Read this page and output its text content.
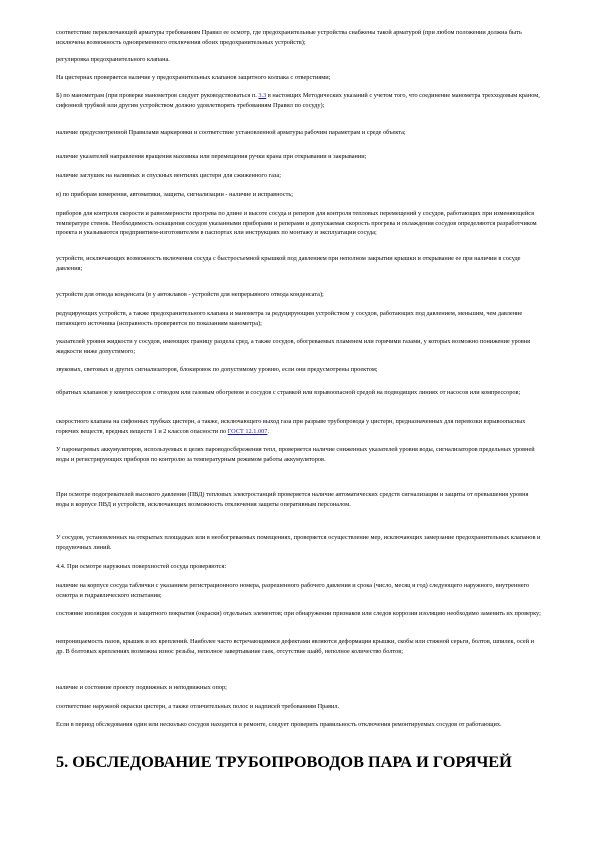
соответствие переключающей арматуры требованиям Правил ее осмотр, где предохранительные устройства снабжены такой арматурой (при любом положении должна быть исключена возможность одновременного отключения обоих предохранительных устройств);

регулировка предохранительного клапана.

На цистернах проверяется наличие у предохранительных клапанов защитного колпака с отверстиями;

Б) по манометрам (при проверке манометров следует руководствоваться п. 3.3 в настоящих Методических указаний с учетом того, что соединение манометра трехходовым краном, сифонной трубкой или другим устройством должно удовлетворять требованиям Правил по сосуду);

наличие предусмотренной Правилами маркировки и соответствие установленной арматуры рабочим параметрам и среде объекта;

наличие указателей направления вращения маховика или перемещения ручки крана при открывании и закрывании;

наличие заглушек на наливных и спускных вентилях цистерн для сжиженного газа;

в) по приборам измерения, автоматики, защиты, сигнализации - наличие и исправность;

приборов для контроля скорости и равномерности прогрева по длине и высоте сосуда и реперов для контроля тепловых перемещений у сосудов, работающих при изменяющейся температуре стенок. Необходимость оснащения сосудов указанными приборами и реперами и допускаемая скорость прогрева и охлаждения сосудов определяются разработчиком проекта и указываются предприятием-изготовителем в паспортах или инструкциях по монтажу и эксплуатации сосуда;

устройств, исключающих возможность включения сосуда с быстросъемной крышкой под давлением при неполном закрытии крышки и открывание ее при наличии в сосуде давления;

устройств для отвода конденсата (в у автоклавов - устройств для непрерывного отвода конденсата);

редуцирующих устройств, а также предохранительного клапана и манометра за редуцирующим устройством у сосудов, работающих под давлением, меньшим, чем давление питающего источника (исправность проверяется по показаниям манометра);

указателей уровня жидкости у сосудов, имеющих границу раздела сред, а также сосудов, обогреваемых пламенем или горячими газами, у которых возможно понижение уровня жидкости ниже допустимого;

звуковых, световых и других сигнализаторов, блокировок по допустимому уровню, если они предусмотрены проектом;

обратных клапанов у компрессоров с отводом или газовым обогревом и сосудов с стравкой или взрывоопасной средой на подводящих линиях от насосов или компрессоров;

скоростного клапана на сифонных трубках цистерн, а также, исключающего выход газа при разрыве трубопровода у цистерн, предназначенных для перевозки взрывоопасных горючих веществ, вредных веществ 1 и 2 классов опасности по ГОСТ 12.1.007.

У паронагревых аккумуляторов, используемых в целях пароводосбережения тепл, проверяется наличие сниженных указателей уровня воды, сигнализаторов предельных уровней воды и регистрирующих приборов по контролю за температурным режимом работы аккумуляторов.

При осмотре подогревателей высокого давления (ПВД) тепловых электростанций проверяется наличие автоматических средств сигнализации и защиты от превышения уровня воды в корпусе ПВД и устройств, исключающих возможность отключения защиты оперативным персоналом.

У сосудов, установленных на открытых площадках или в необогреваемых помещениях, проверяется осуществление мер, исключающих замерзание предохранительных клапанов и продувочных линий.

4.4. При осмотре наружных поверхностей сосуда проверяются:

наличие на корпусе сосуда таблички с указанием регистрационного номера, разрешенного рабочего давления и срока (число, месяц и год) следующего наружного, внутреннего осмотра и гидравлического испытания;

состояние изоляции сосудов и защитного покрытия (окраски) отдельных элементов; при обнаружении признаков или следов коррозии изоляцию необходимо заменить их проверку;

непроницаемость пазов, крышек и их креплений. Наиболее часто встречающимися дефектами являются деформация крышки, скобы или стяжной серьги, болтов, шпилек, осей и др. В болтовых креплениях возможна износ резьбы, неполное завертывание гаек, отсутствие шайб, неполное количество болтов;

наличие и состояние проекту подвижных и неподвижных опор;

соответствие наружной окраски цистерн, а также отличительных полос и надписей требованиям Правил.

Если в период обследования один или несколько сосудов находятся в ремонте, следует проверить правильность отключения ремонтируемых сосудов от работающих.

5. ОБСЛЕДОВАНИЕ ТРУБОПРОВОДОВ ПАРА И ГОРЯЧЕЙ
